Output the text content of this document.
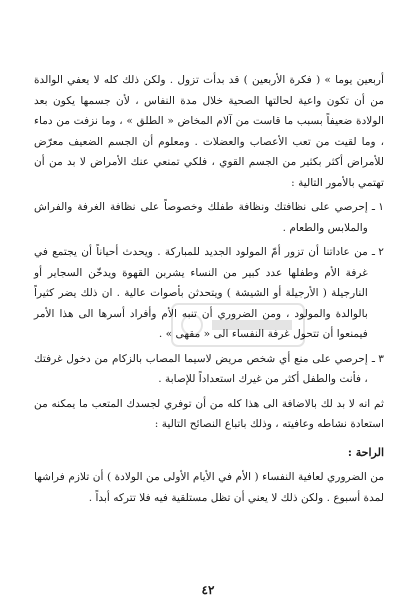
أربعين يوما » ( فكرة الأربعين ) قد بدأت تزول . ولكن ذلك كله لا يعفي الوالدة من أن تكون واعية لحالتها الصحية خلال مدة النفاس ، لأن جسمها يكون بعد الولادة ضعيفاً بسبب ما قاست من آلام المخاض « الطلق » ، وما نزفت من دماء ، وما لقيت من تعب الأعصاب والعضلات . ومعلوم أن الجسم الضعيف معرّض للأمراض أكثر بكثير من الجسم القوي ، فلكي تمنعي عنك الأمراض لا بد من أن تهتمي بالأمور التالية :

١ ـ
إحرصي على نظافتك ونظافة طفلك وخصوصاً على نظافة الغرفة والفراش والملابس والطعام .
٢ ـ
من عاداتنا أن تزور أمّ المولود الجديد للمباركة . ويحدث أحياناً أن يجتمع في غرفة الأم وطفلها عدد كبير من النساء يشربن القهوة ويدخّن السجاير أو النارجيلة ( الأرجيلة أو الشيشة ) ويتحدثن بأصوات عالية . ان ذلك يضر كثيراً بالوالدة والمولود ، ومن الضروري أن تنبه الأم وأفراد أسرها الى هذا الأمر فيمنعوا أن تتحول غرفة النفساء الى « مقهى » .
٣ ـ
إحرصي على منع أي شخص مريض لاسيما المصاب بالزكام من دخول غرفتك ، فأنت والطفل أكثر من غيرك استعداداً للإصابة .

ثم انه لا بد لك بالاضافة الى هذا كله من أن توفري لجسدك المتعب ما يمكنه من استعادة نشاطه وعافيته ، وذلك باتباع النصائح التالية :

الراحة :

من الضروري لعافية النفساء ( الأم في الأيام الأولى من الولادة ) أن تلازم فراشها لمدة أسبوع . ولكن ذلك لا يعني أن تظل مستلقية فيه فلا تتركه أبداً .

٤٢
